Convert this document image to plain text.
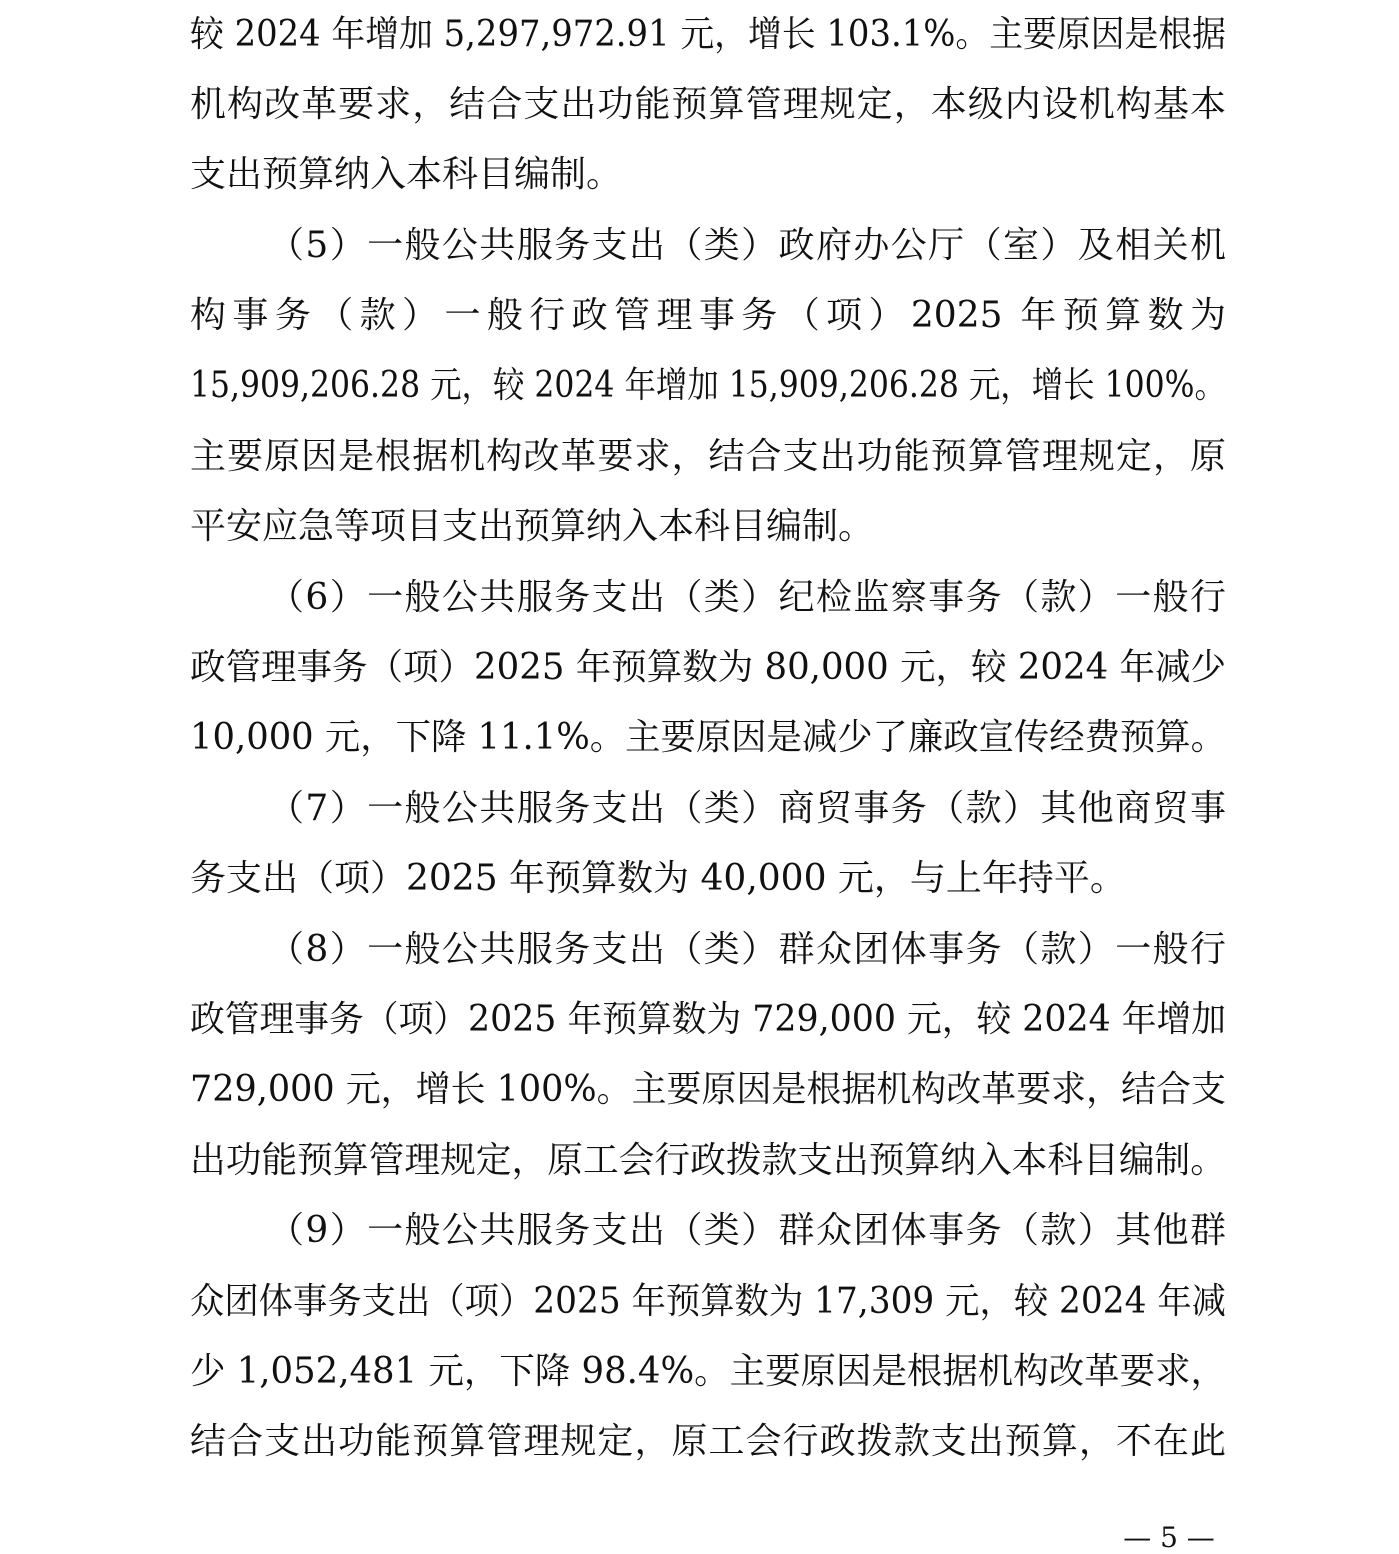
较 2024 年增加 5,297,972.91 元，增长 103.1%。主要原因是根据
机构改革要求，结合支出功能预算管理规定，本级内设机构基本
支出预算纳入本科目编制。
（5）一般公共服务支出（类）政府办公厅（室）及相关机
构事务（款）一般行政管理事务（项）2025 年预算数为
15,909,206.28 元，较 2024 年增加 15,909,206.28 元，增长 100%。
主要原因是根据机构改革要求，结合支出功能预算管理规定，原
平安应急等项目支出预算纳入本科目编制。
（6）一般公共服务支出（类）纪检监察事务（款）一般行
政管理事务（项）2025 年预算数为 80,000 元，较 2024 年减少
10,000 元，下降 11.1%。主要原因是减少了廉政宣传经费预算。
（7）一般公共服务支出（类）商贸事务（款）其他商贸事
务支出（项）2025 年预算数为 40,000 元，与上年持平。
（8）一般公共服务支出（类）群众团体事务（款）一般行
政管理事务（项）2025 年预算数为 729,000 元，较 2024 年增加
729,000 元，增长 100%。主要原因是根据机构改革要求，结合支
出功能预算管理规定，原工会行政拨款支出预算纳入本科目编制。
（9）一般公共服务支出（类）群众团体事务（款）其他群
众团体事务支出（项）2025 年预算数为 17,309 元，较 2024 年减
少 1,052,481 元，下降 98.4%。主要原因是根据机构改革要求，
结合支出功能预算管理规定，原工会行政拨款支出预算，不在此
— 5 —
